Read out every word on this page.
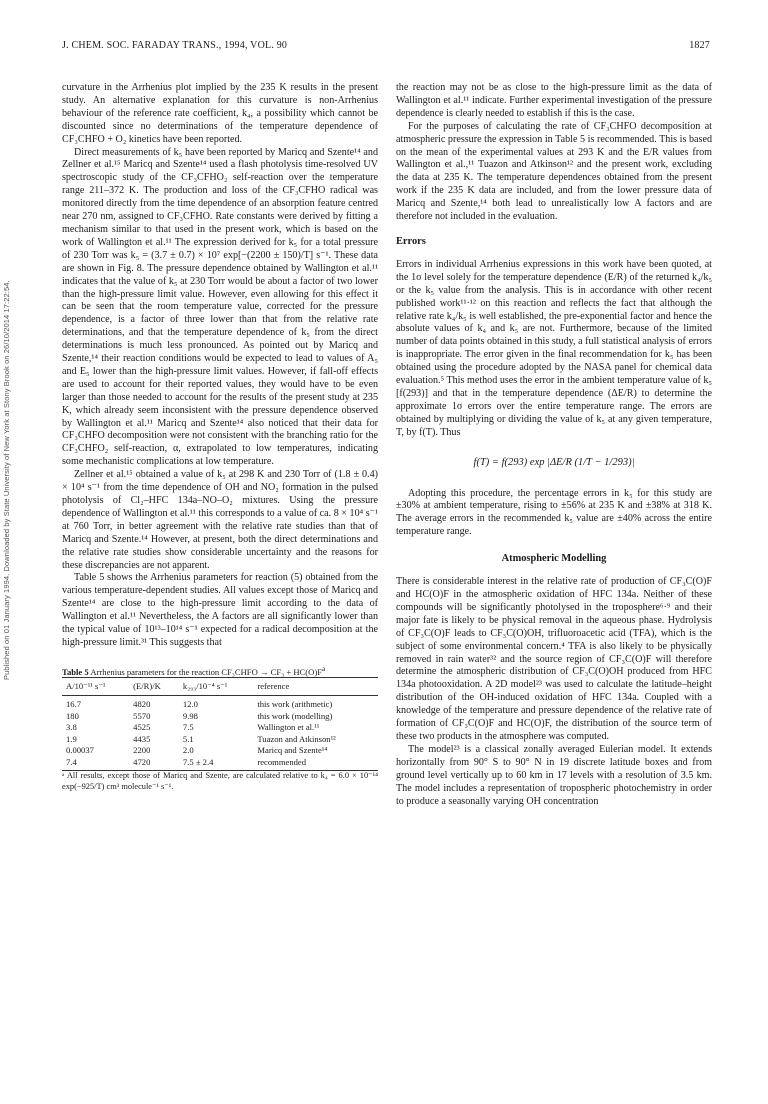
Published on 01 January 1994. Downloaded by State University of New York at Stony Brook on 26/10/2014 17:22:54.
J. CHEM. SOC. FARADAY TRANS., 1994, VOL. 90	1827

curvature in the Arrhenius plot implied by the 235 K results in the present study. An alternative explanation for this curvature is non-Arrhenius behaviour of the reference rate coefficient, k₄, a possibility which cannot be discounted since no determinations of the temperature dependence of CF₃CHFO + O₂ kinetics have been reported.

Direct measurements of k₅ have been reported by Maricq and Szente¹⁴ and Zellner et al.¹⁵ Maricq and Szente¹⁴ used a flash photolysis time-resolved UV spectroscopic study of the CF₃CFHO₂ self-reaction over the temperature range 211–372 K. The production and loss of the CF₃CFHO radical was monitored directly from the time dependence of an absorption feature centred near 270 nm, assigned to CF₃CFHO. Rate constants were derived by fitting a mechanism similar to that used in the present work, which is based on the work of Wallington et al.¹¹ The expression derived for k₅ for a total pressure of 230 Torr was k₅ = (3.7 ± 0.7) × 10⁷ exp[−(2200 ± 150)/T] s⁻¹. These data are shown in Fig. 8. The pressure dependence obtained by Wallington et al.¹¹ indicates that the value of k₅ at 230 Torr would be about a factor of two lower than the high-pressure limit value. However, even allowing for this effect it can be seen that the room temperature value, corrected for the pressure dependence, is a factor of three lower than that from the relative rate determinations, and that the temperature dependence of k₅ from the direct determinations is much less pronounced. As pointed out by Maricq and Szente,¹⁴ their reaction conditions would be expected to lead to values of A₅ and E₅ lower than the high-pressure limit values. However, if fall-off effects are used to account for their reported values, they would have to be even larger than those needed to account for the results of the present study at 235 K, which already seem inconsistent with the pressure dependence observed by Wallington et al.¹¹ Maricq and Szente¹⁴ also noticed that their data for CF₃CHFO decomposition were not consistent with the branching ratio for the CF₃CHFO₂ self-reaction, α, extrapolated to low temperatures, indicating some mechanistic complications at low temperature.

Zellner et al.¹⁵ obtained a value of k₅ at 298 K and 230 Torr of (1.8 ± 0.4) × 10⁴ s⁻¹ from the time dependence of OH and NO₂ formation in the pulsed photolysis of Cl₂–HFC 134a–NO–O₂ mixtures. Using the pressure dependence of Wallington et al.¹¹ this corresponds to a value of ca. 8 × 10⁴ s⁻¹ at 760 Torr, in better agreement with the relative rate studies than that of Maricq and Szente.¹⁴ However, at present, both the direct determinations and the relative rate studies show considerable uncertainty and the reasons for these discrepancies are not apparent.

Table 5 shows the Arrhenius parameters for reaction (5) obtained from the various temperature-dependent studies. All values except those of Maricq and Szente¹⁴ are close to the high-pressure limit according to the data of Wallington et al.¹¹ Nevertheless, the A factors are all significantly lower than the typical value of 10¹³–10¹⁴ s⁻¹ expected for a radical decomposition at the high-pressure limit.³¹ This suggests that

Table 5 Arrhenius parameters for the reaction CF₃CHFO → $CF_3 + HC(O)F^a$

A/10⁻¹¹ s⁻¹	(E/R)/K	k₂₉₃/10⁻⁴ s⁻¹	reference
16.7	4820	12.0	this work (arithmetic)
180	5570	9.98	this work (modelling)
3.8	4525	7.5	Wallington et al.¹¹
1.9	4435	5.1	Tuazon and Atkinson¹²
0.00037	2200	2.0	Maricq and Szente¹⁴
7.4	4720	7.5 ± 2.4	recommended

ᵃ All results, except those of Maricq and Szente, are calculated relative to k₄ = 6.0 × 10⁻¹⁴ exp(−925/T) cm³ molecule⁻¹ s⁻¹.

the reaction may not be as close to the high-pressure limit as the data of Wallington et al.¹¹ indicate. Further experimental investigation of the pressure dependence is clearly needed to establish if this is the case.

For the purposes of calculating the rate of CF₃CHFO decomposition at atmospheric pressure the expression in Table 5 is recommended. This is based on the mean of the experimental values at 293 K and the E/R values from Wallington et al.,¹¹ Tuazon and Atkinson¹² and the present work, excluding the data at 235 K. The temperature dependences obtained from the present work if the 235 K data are included, and from the lower pressure data of Maricq and Szente,¹⁴ both lead to unrealistically low A factors and are therefore not included in the evaluation.

Errors

Errors in individual Arrhenius expressions in this work have been quoted, at the 1σ level solely for the temperature dependence (E/R) of the returned k₄/k₅ or the k₅ value from the analysis. This is in accordance with other recent published work¹¹·¹² on this reaction and reflects the fact that although the relative rate k₄/k₅ is well established, the pre-exponential factor and hence the absolute values of k₄ and k₅ are not. Furthermore, because of the limited number of data points obtained in this study, a full statistical analysis of errors is inappropriate. The error given in the final recommendation for k₅ has been obtained using the procedure adopted by the NASA panel for chemical data evaluation.⁵ This method uses the error in the ambient temperature value of k₅ [f(293)] and that in the temperature dependence (ΔE/R) to determine the approximate 1σ errors over the entire temperature range. The errors are obtained by multiplying or dividing the value of k₅ at any given temperature, T, by f(T). Thus

f(T) = f(293) exp |ΔE/R (1/T − 1/293)|

Adopting this procedure, the percentage errors in k₅ for this study are ±30% at ambient temperature, rising to ±56% at 235 K and ±38% at 318 K. The average errors in the recommended k₅ value are ±40% across the entire temperature range.

Atmospheric Modelling

There is considerable interest in the relative rate of production of CF₃C(O)F and HC(O)F in the atmospheric oxidation of HFC 134a. Neither of these compounds will be significantly photolysed in the troposphere⁶·⁹ and their major fate is likely to be physical removal in the aqueous phase. Hydrolysis of CF₃C(O)F leads to CF₃C(O)OH, trifluoroacetic acid (TFA), which is the subject of some environmental concern.⁴ TFA is also likely to be physically removed in rain water³² and the source region of CF₃C(O)F will therefore determine the atmospheric distribution of CF₃C(O)OH produced from HFC 134a photooxidation. A 2D model²³ was used to calculate the latitude–height distribution of the OH-induced oxidation of HFC 134a. Coupled with a knowledge of the temperature and pressure dependence of the relative rate of formation of CF₃C(O)F and HC(O)F, the distribution of the source term of these two products in the atmosphere was computed.

The model²³ is a classical zonally averaged Eulerian model. It extends horizontally from 90° S to 90° N in 19 discrete latitude boxes and from ground level vertically up to 60 km in 17 levels with a resolution of 3.5 km. The model includes a representation of tropospheric photochemistry in order to produce a seasonally varying OH concentration
